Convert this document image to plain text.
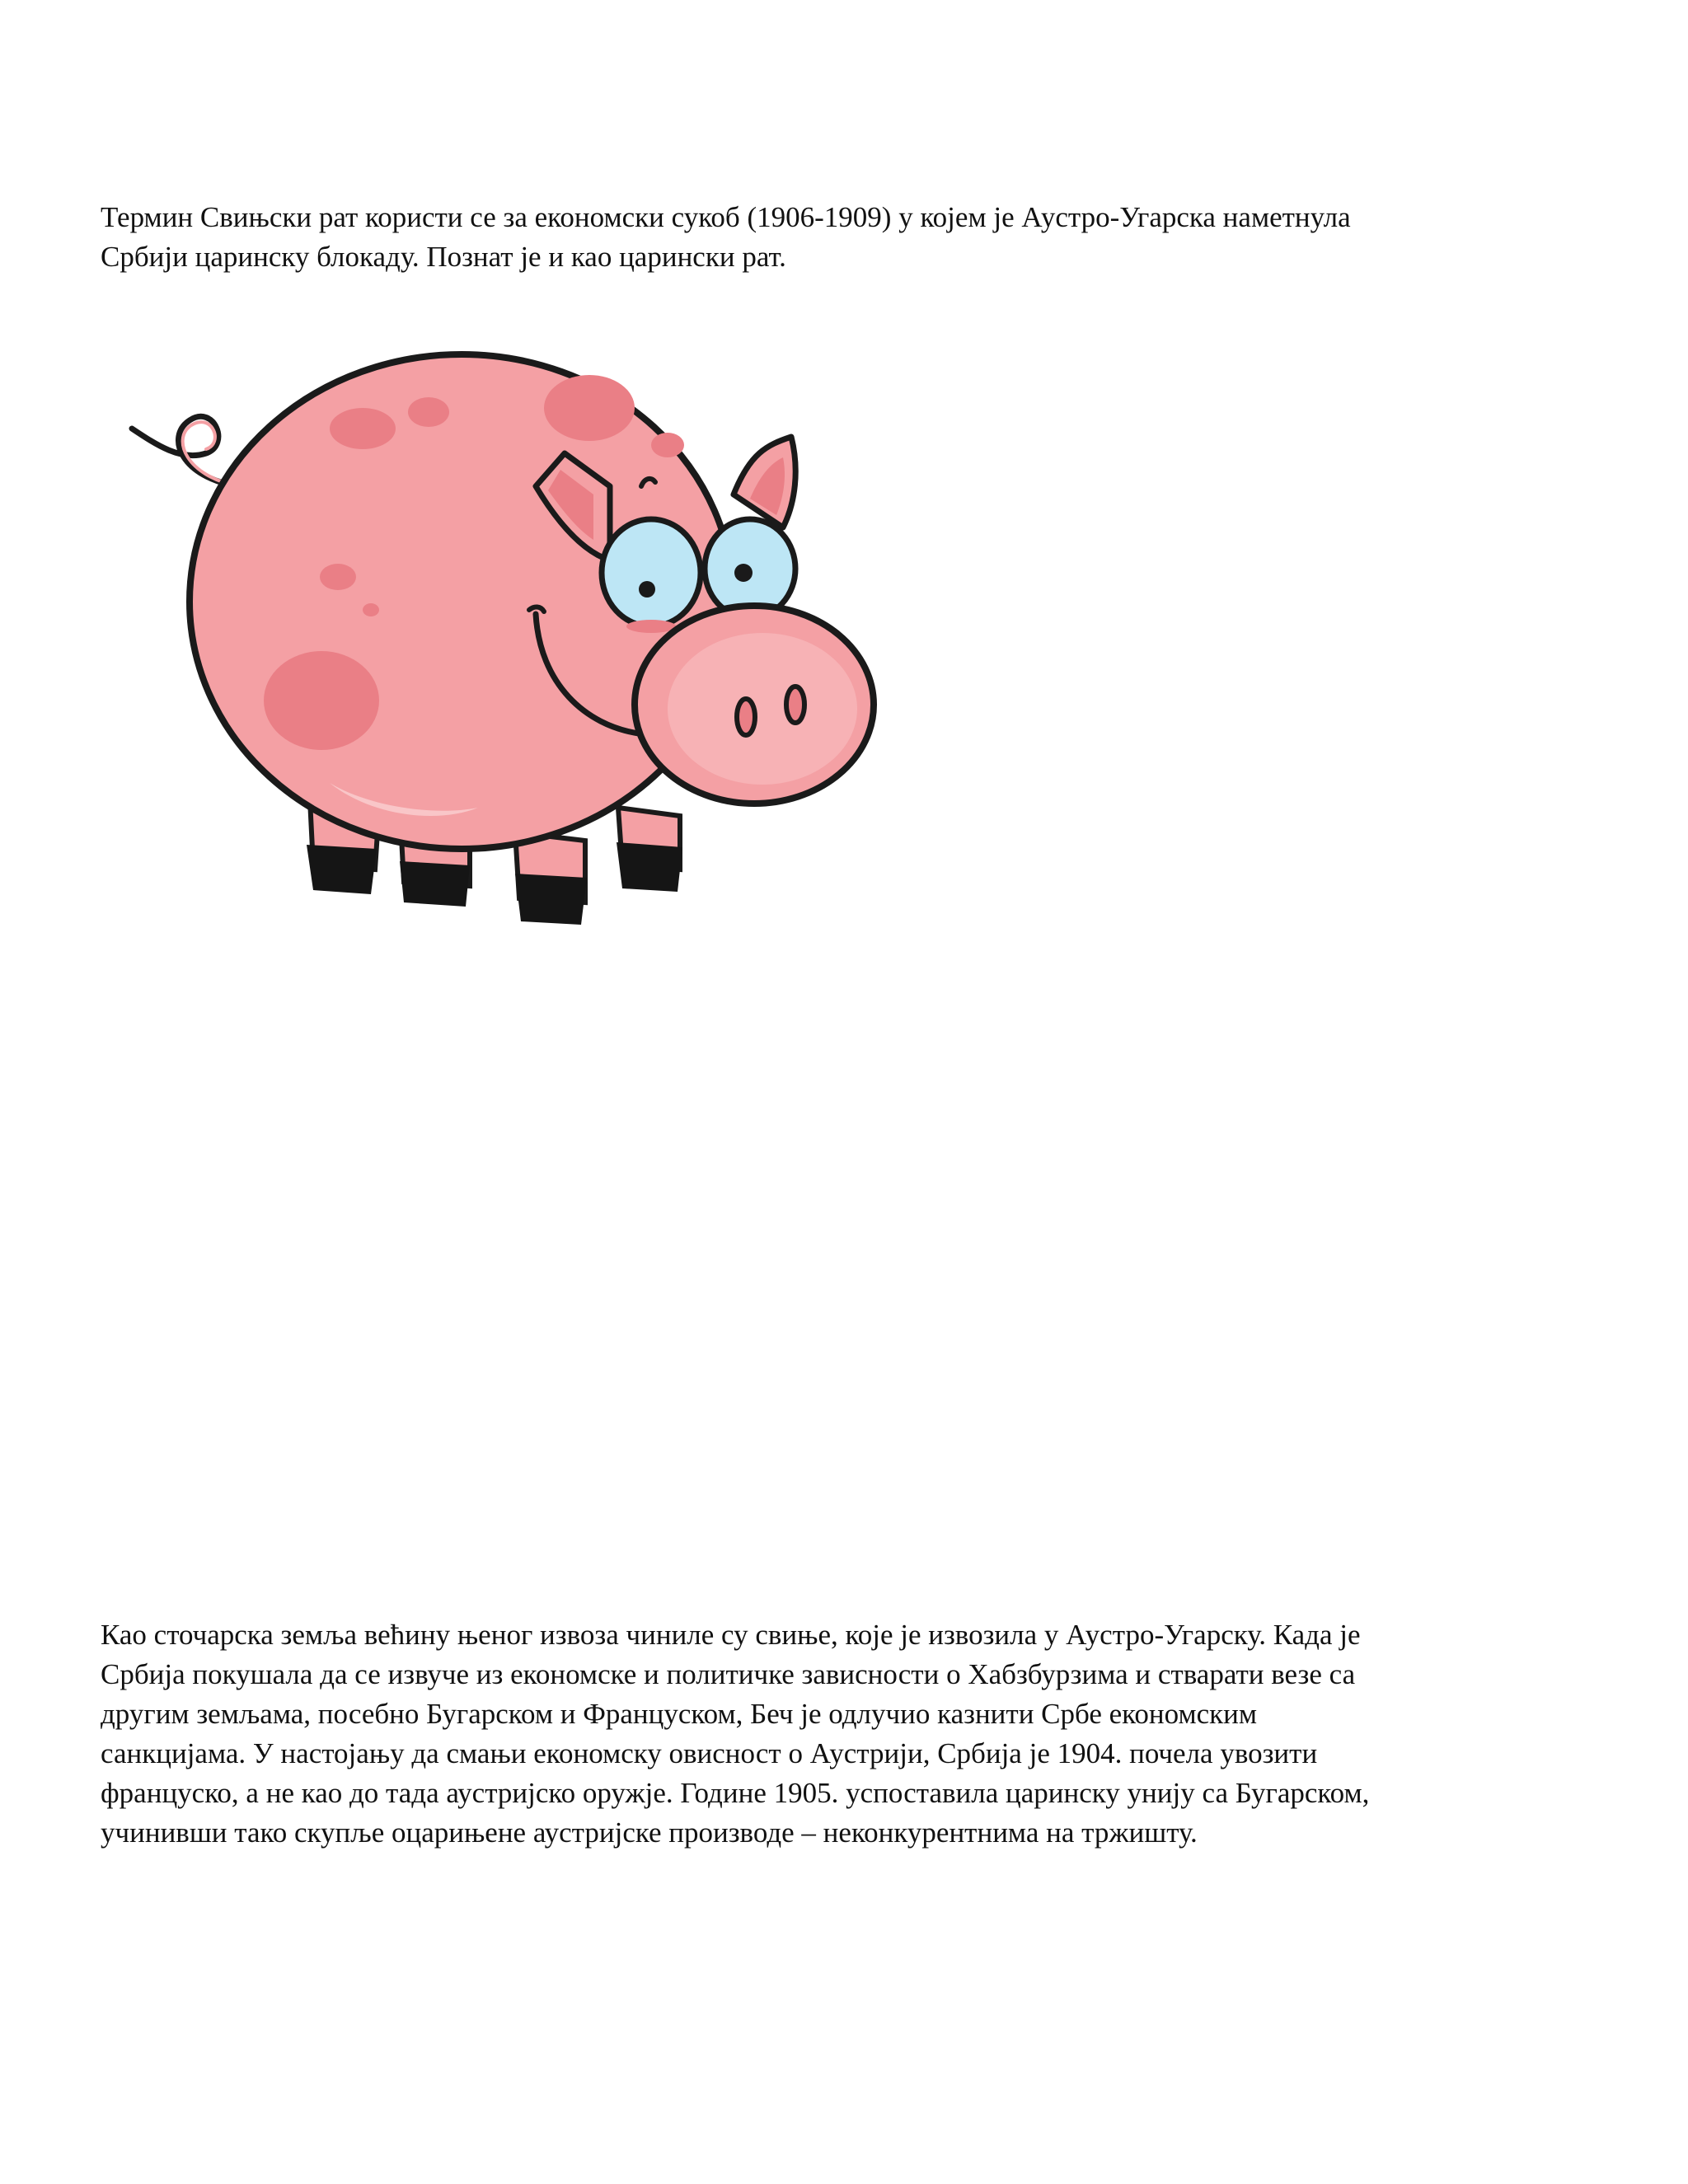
Термин Свињски рат користи се за економски сукоб (1906-1909) у којем је Аустро-Угарска наметнула
Србији царинску блокаду. Познат је и као царински рат.

Као сточарска земља већину њеног извоза чиниле су свиње, које је извозила у Аустро-Угарску. Када је
Србија покушала да се извуче из економске и политичке зависности о Хабзбурзима и стварати везе са
другим земљама, посебно Бугарском и Француском, Беч је одлучио казнити Србе економским
санкцијама. У настојању да смањи економску овисност о Аустрији, Србија је 1904. почела увозити
француско, а не као до тада аустријско оружје. Године 1905. успоставила царинску унију са Бугарском,
учинивши тако скупље оцарињене аустријске производе – неконкурентнима на тржишту.
